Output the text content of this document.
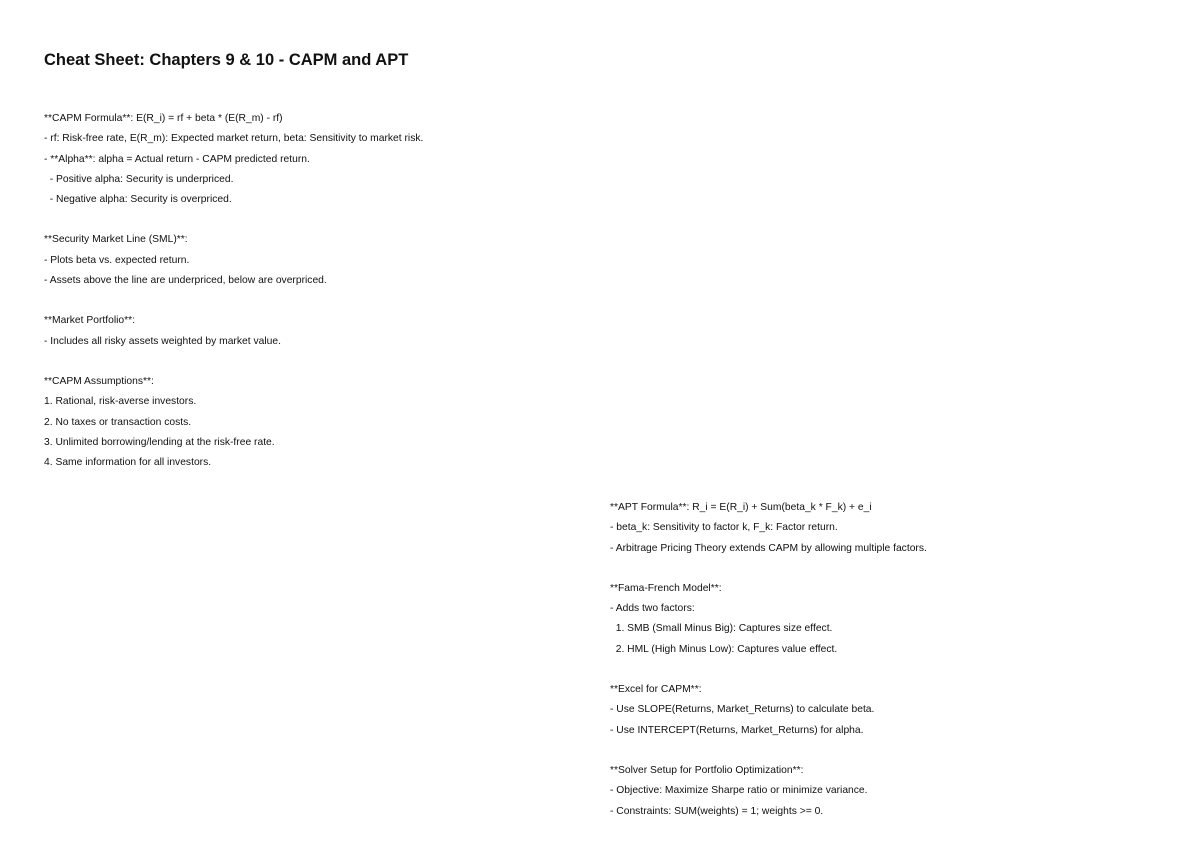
Cheat Sheet: Chapters 9 & 10 - CAPM and APT
**CAPM Formula**: E(R_i) = rf + beta * (E(R_m) - rf)
- rf: Risk-free rate, E(R_m): Expected market return, beta: Sensitivity to market risk.
- **Alpha**: alpha = Actual return - CAPM predicted return.
- Positive alpha: Security is underpriced.
- Negative alpha: Security is overpriced.
**Security Market Line (SML)**:
- Plots beta vs. expected return.
- Assets above the line are underpriced, below are overpriced.
**Market Portfolio**:
- Includes all risky assets weighted by market value.
**CAPM Assumptions**:
1. Rational, risk-averse investors.
2. No taxes or transaction costs.
3. Unlimited borrowing/lending at the risk-free rate.
4. Same information for all investors.
**APT Formula**: R_i = E(R_i) + Sum(beta_k * F_k) + e_i
- beta_k: Sensitivity to factor k, F_k: Factor return.
- Arbitrage Pricing Theory extends CAPM by allowing multiple factors.
**Fama-French Model**:
- Adds two factors:
1. SMB (Small Minus Big): Captures size effect.
2. HML (High Minus Low): Captures value effect.
**Excel for CAPM**:
- Use SLOPE(Returns, Market_Returns) to calculate beta.
- Use INTERCEPT(Returns, Market_Returns) for alpha.
**Solver Setup for Portfolio Optimization**:
- Objective: Maximize Sharpe ratio or minimize variance.
- Constraints: SUM(weights) = 1; weights >= 0.
